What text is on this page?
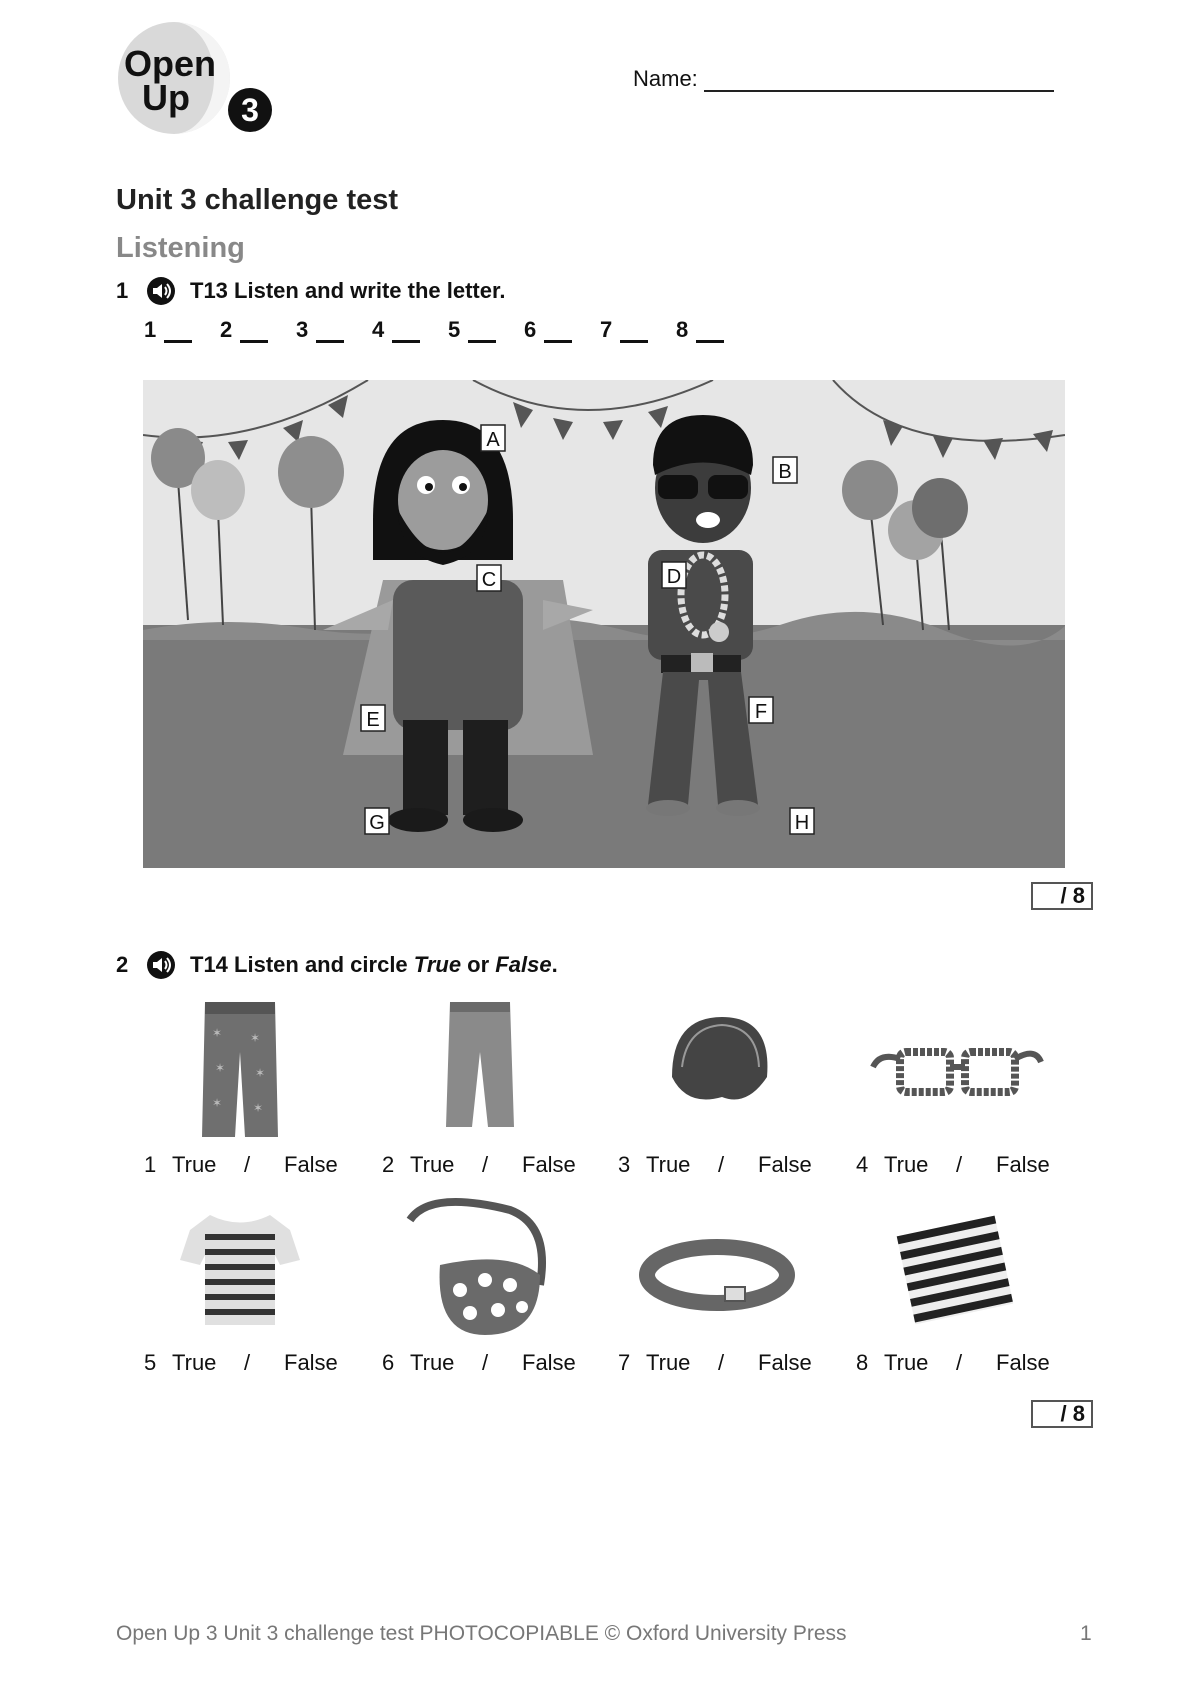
Open
Up 3
Name:
Unit 3 challenge test
Listening
1	T13
Listen and write the letter.
1	2	3	4	5	6	7	8
A
B
C	D
E	F
G	H
/ 8
2	T14
Listen and circle True or False .
✶ ✶
✶ ✶
✶	✶
1 True	/	False 2 True	/	False 3 True	/	False 4 True	/	False
5 True	/	False 6 True	/	False 7 True	/	False 8 True	/	False
/ 8
Open Up 3 Unit 3 challenge test PHOTOCOPIABLE © Oxford University Press	1
